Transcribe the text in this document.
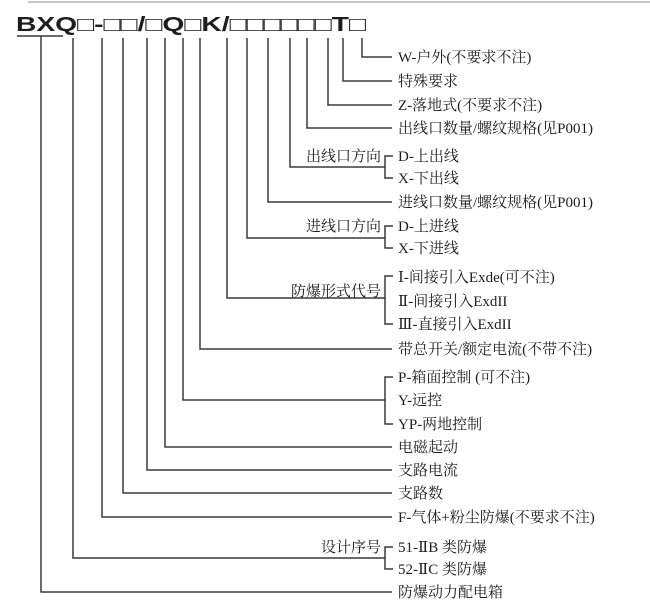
BXQ□-□□/□Q□K/□□□□□□T□
W-户外(不要求不注)
特殊要求
Z-落地式(不要求不注)
出线口数量/螺纹规格(见P001)
D-上出线
X-下出线
进线口数量/螺纹规格(见P001)
D-上进线
X-下进线
Ⅰ-间接引入Exde(可不注)
Ⅱ-间接引入ExdII
Ⅲ-直接引入ExdII
带总开关/额定电流(不带不注)
P-箱面控制 (可不注)
Y-远控
YP-两地控制
电磁起动
支路电流
支路数
F-气体+粉尘防爆(不要求不注)
51-ⅡB 类防爆
52-ⅡC 类防爆
防爆动力配电箱
出线口方向
进线口方向
防爆形式代号
设计序号
